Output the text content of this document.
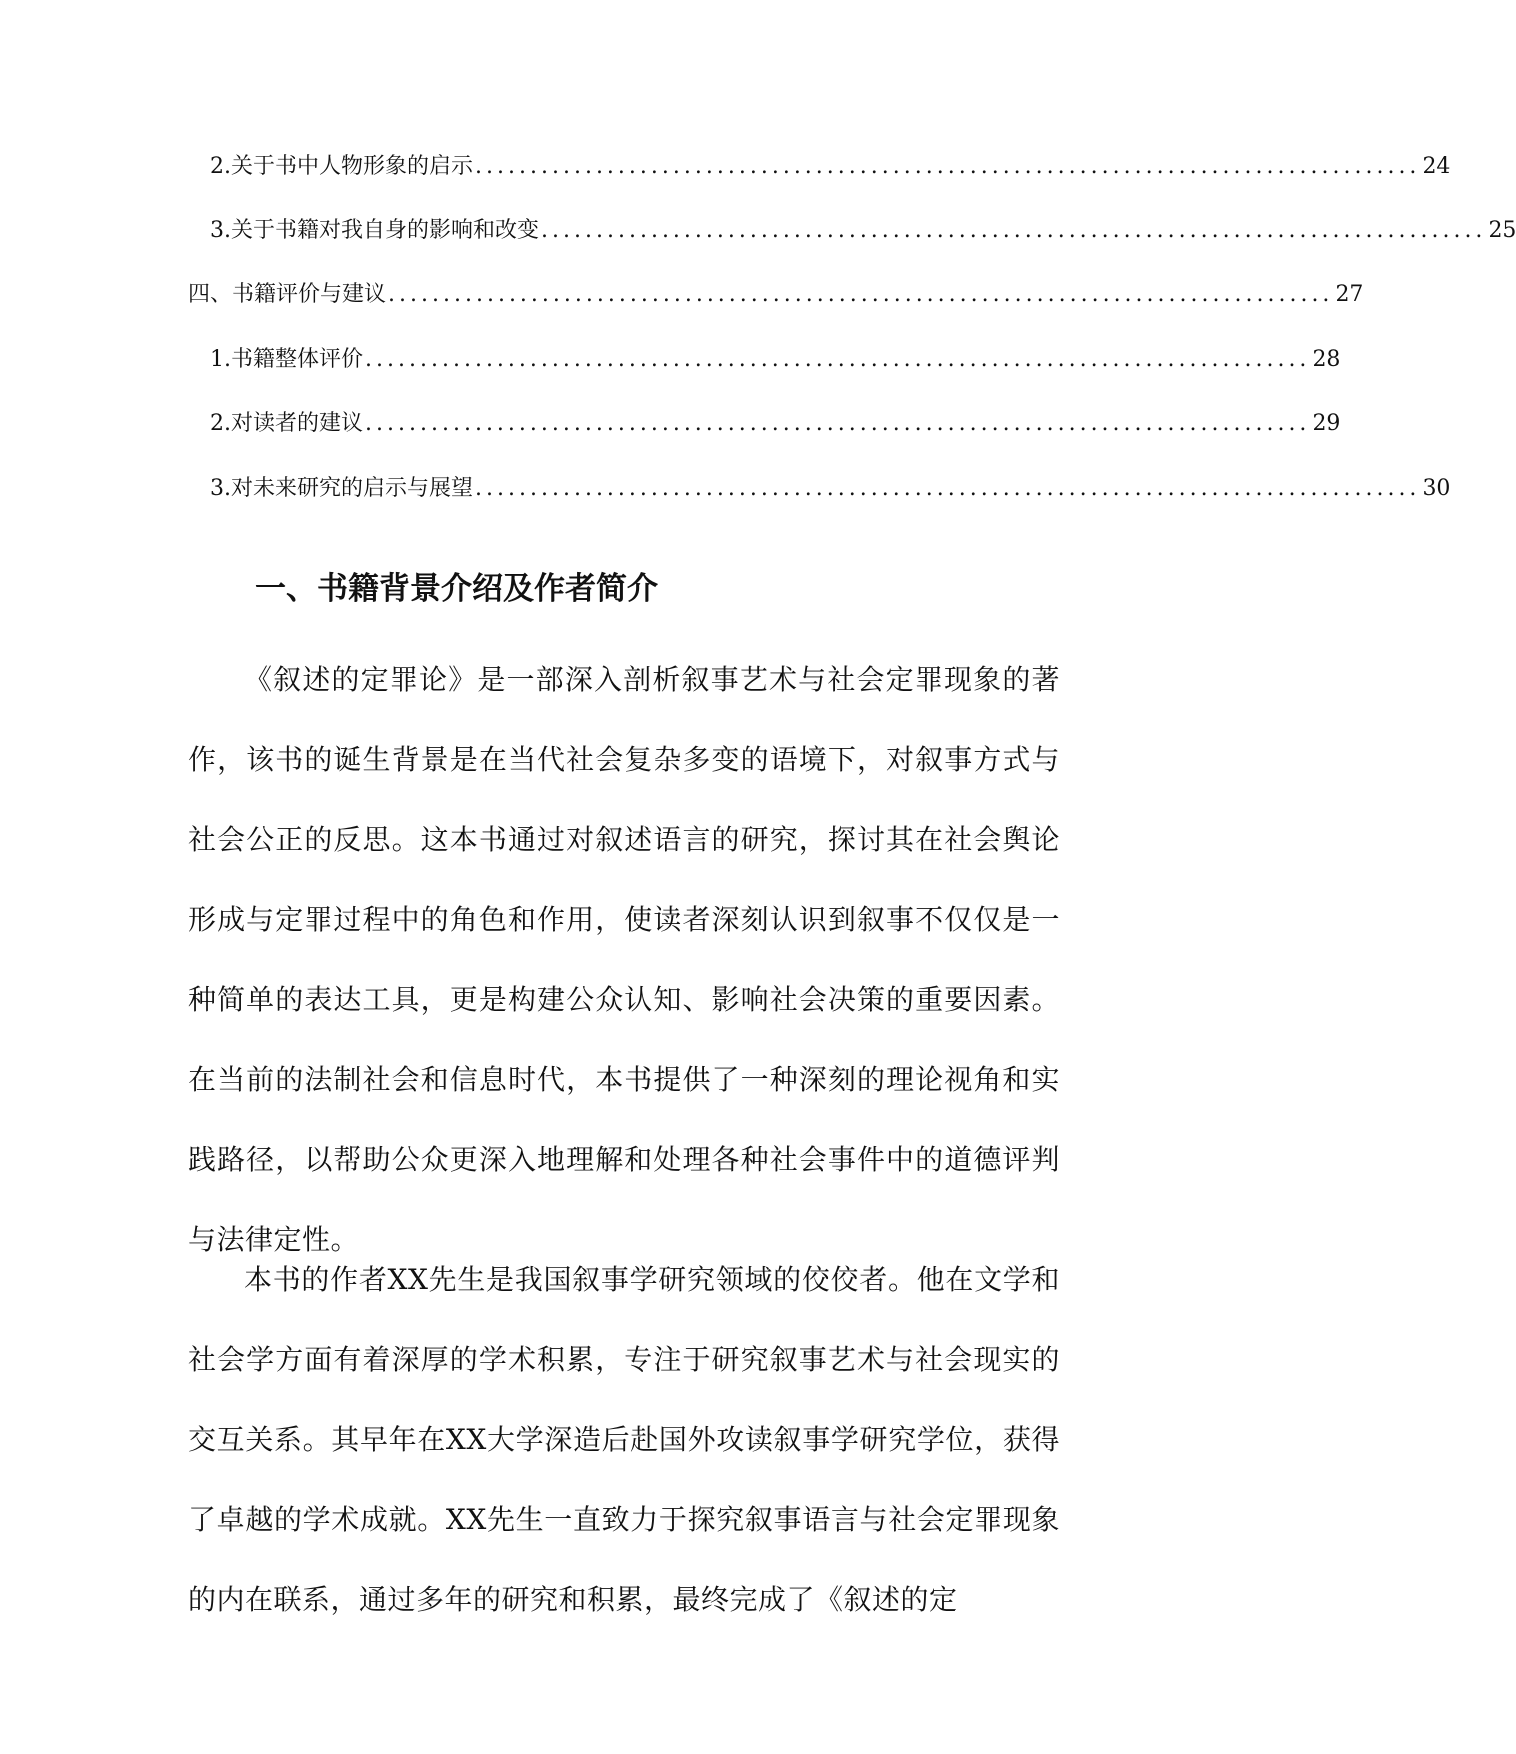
2. 关于书中人物形象的启示 ...................................................................................... 24
3. 关于书籍对我自身的影响和改变 ...................................................................................... 25
四、书籍评价与建议 ...................................................................................... 27
1. 书籍整体评价 ...................................................................................... 28
2. 对读者的建议 ...................................................................................... 29
3. 对未来研究的启示与展望 ...................................................................................... 30
一、书籍背景介绍及作者简介

《叙述的定罪论》是一部深入剖析叙事艺术与社会定罪现象的著作，该书的诞生背景是在当代社会复杂多变的语境下，对叙事方式与社会公正的反思。这本书通过对叙述语言的研究，探讨其在社会舆论形成与定罪过程中的角色和作用，使读者深刻认识到叙事不仅仅是一种简单的表达工具，更是构建公众认知、影响社会决策的重要因素。在当前的法制社会和信息时代，本书提供了一种深刻的理论视角和实践路径，以帮助公众更深入地理解和处理各种社会事件中的道德评判与法律定性。

本书的作者XX先生是我国叙事学研究领域的佼佼者。他在文学和社会学方面有着深厚的学术积累，专注于研究叙事艺术与社会现实的交互关系。其早年在XX大学深造后赴国外攻读叙事学研究学位，获得了卓越的学术成就。XX先生一直致力于探究叙事语言与社会定罪现象的内在联系，通过多年的研究和积累，最终完成了《叙述的定
